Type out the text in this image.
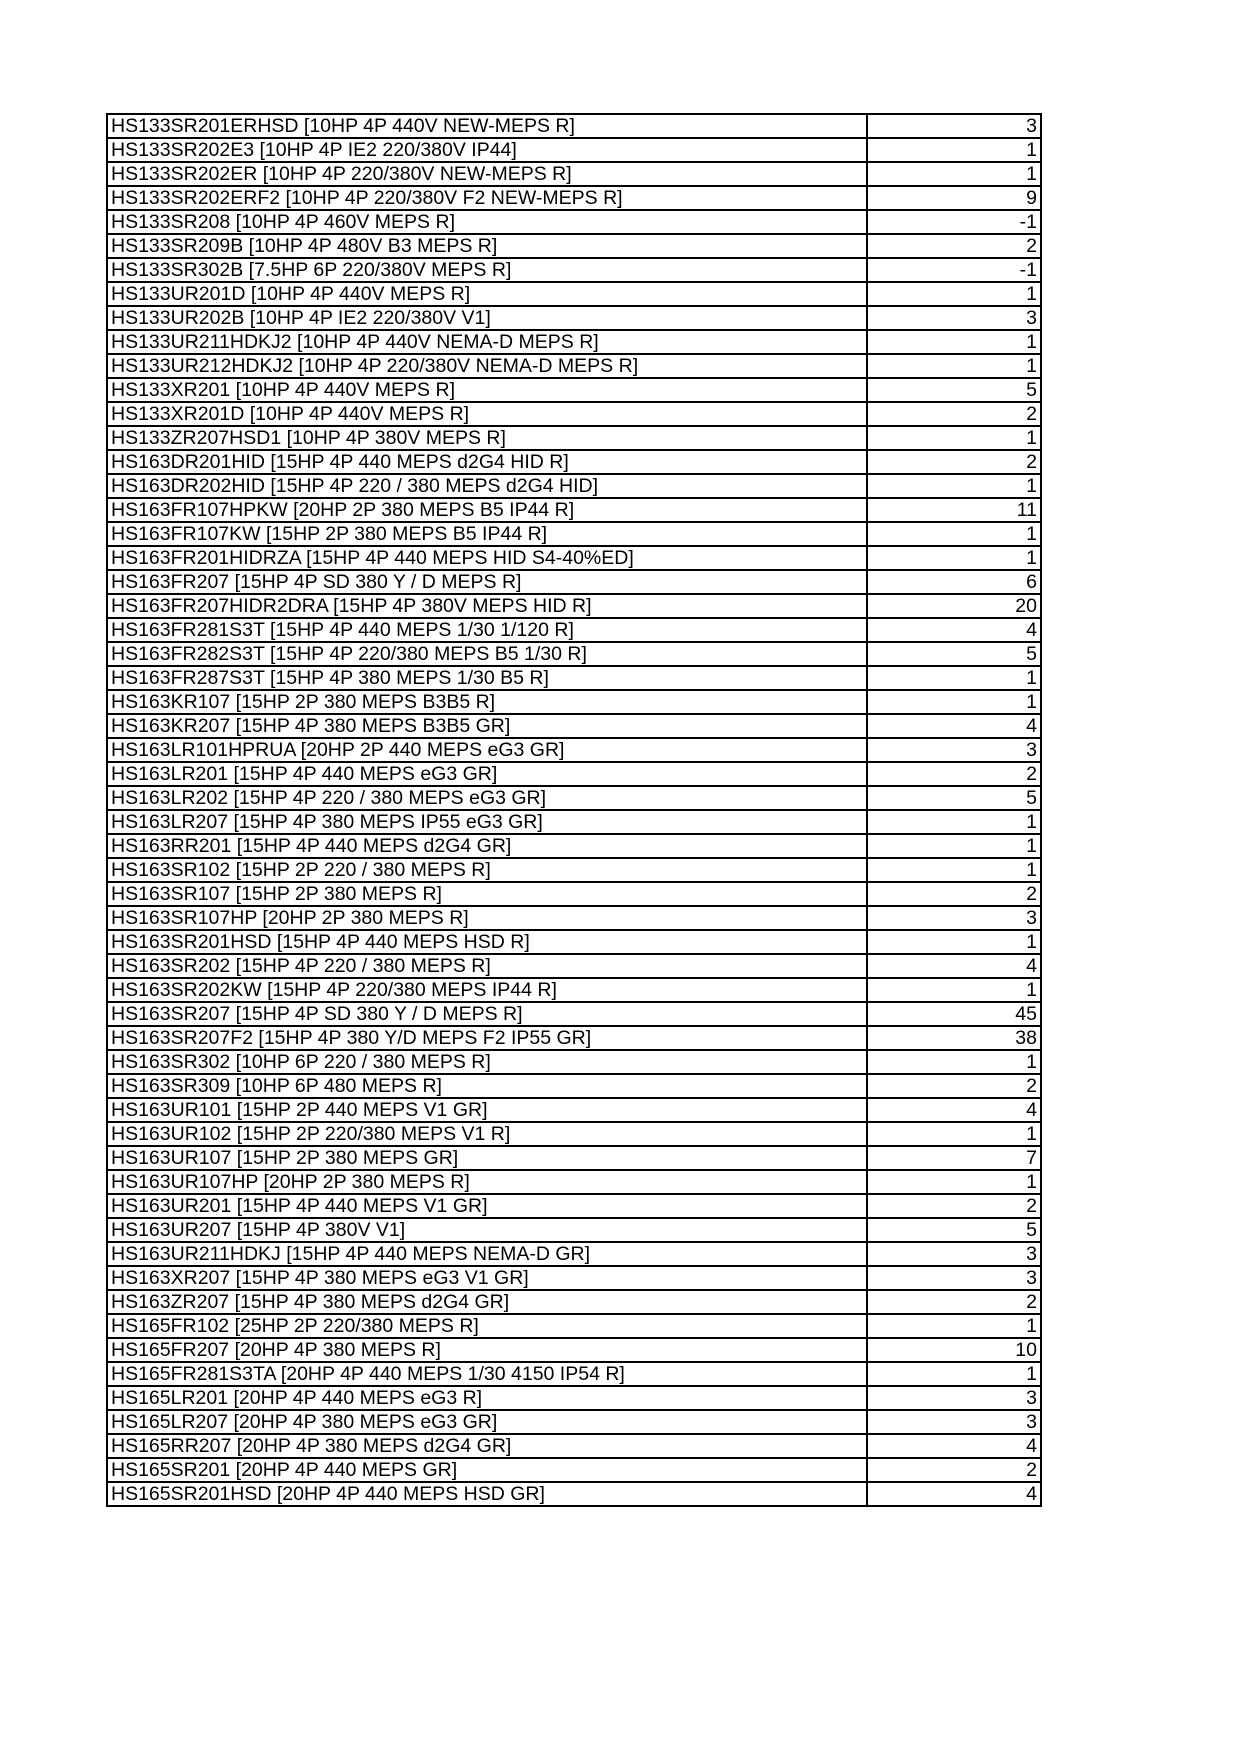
HS133SR201ERHSD [10HP 4P 440V NEW-MEPS R]	3
HS133SR202E3 [10HP 4P IE2 220/380V IP44]	1
HS133SR202ER [10HP 4P 220/380V NEW-MEPS R]	1
HS133SR202ERF2 [10HP 4P 220/380V F2 NEW-MEPS R]	9
HS133SR208 [10HP 4P 460V MEPS R]	-1
HS133SR209B [10HP 4P 480V B3 MEPS R]	2
HS133SR302B [7.5HP 6P 220/380V MEPS R]	-1
HS133UR201D [10HP 4P 440V MEPS R]	1
HS133UR202B [10HP 4P IE2 220/380V V1]	3
HS133UR211HDKJ2 [10HP 4P 440V NEMA-D MEPS R]	1
HS133UR212HDKJ2 [10HP 4P 220/380V NEMA-D MEPS R]	1
HS133XR201 [10HP 4P 440V MEPS R]	5
HS133XR201D [10HP 4P 440V MEPS R]	2
HS133ZR207HSD1 [10HP 4P 380V MEPS R]	1
HS163DR201HID [15HP 4P 440 MEPS d2G4 HID R]	2
HS163DR202HID [15HP 4P 220 / 380 MEPS d2G4 HID]	1
HS163FR107HPKW [20HP 2P 380 MEPS B5 IP44 R]	11
HS163FR107KW [15HP 2P 380 MEPS B5 IP44 R]	1
HS163FR201HIDRZA [15HP 4P 440 MEPS HID S4-40%ED]	1
HS163FR207 [15HP 4P SD 380 Y / D MEPS R]	6
HS163FR207HIDR2DRA [15HP 4P 380V MEPS HID R]	20
HS163FR281S3T [15HP 4P 440 MEPS 1/30 1/120 R]	4
HS163FR282S3T [15HP 4P 220/380 MEPS B5 1/30 R]	5
HS163FR287S3T [15HP 4P 380 MEPS 1/30 B5 R]	1
HS163KR107 [15HP 2P 380 MEPS B3B5 R]	1
HS163KR207 [15HP 4P 380 MEPS B3B5 GR]	4
HS163LR101HPRUA [20HP 2P 440 MEPS eG3 GR]	3
HS163LR201 [15HP 4P 440 MEPS eG3 GR]	2
HS163LR202 [15HP 4P 220 / 380 MEPS eG3 GR]	5
HS163LR207 [15HP 4P 380 MEPS IP55 eG3 GR]	1
HS163RR201 [15HP 4P 440 MEPS d2G4 GR]	1
HS163SR102 [15HP 2P 220 / 380 MEPS R]	1
HS163SR107 [15HP 2P 380 MEPS R]	2
HS163SR107HP [20HP 2P 380 MEPS R]	3
HS163SR201HSD [15HP 4P 440 MEPS HSD R]	1
HS163SR202 [15HP 4P 220 / 380 MEPS R]	4
HS163SR202KW [15HP 4P 220/380 MEPS IP44 R]	1
HS163SR207 [15HP 4P SD 380 Y / D MEPS R]	45
HS163SR207F2 [15HP 4P 380 Y/D MEPS F2 IP55 GR]	38
HS163SR302 [10HP 6P 220 / 380 MEPS R]	1
HS163SR309 [10HP 6P 480 MEPS R]	2
HS163UR101 [15HP 2P 440 MEPS V1 GR]	4
HS163UR102 [15HP 2P 220/380 MEPS V1 R]	1
HS163UR107 [15HP 2P 380 MEPS GR]	7
HS163UR107HP [20HP 2P 380 MEPS R]	1
HS163UR201 [15HP 4P 440 MEPS V1 GR]	2
HS163UR207 [15HP 4P 380V V1]	5
HS163UR211HDKJ [15HP 4P 440 MEPS NEMA-D GR]	3
HS163XR207 [15HP 4P 380 MEPS eG3 V1 GR]	3
HS163ZR207 [15HP 4P 380 MEPS d2G4 GR]	2
HS165FR102 [25HP 2P 220/380 MEPS R]	1
HS165FR207 [20HP 4P 380 MEPS R]	10
HS165FR281S3TA [20HP 4P 440 MEPS 1/30 4150 IP54 R]	1
HS165LR201 [20HP 4P 440 MEPS eG3 R]	3
HS165LR207 [20HP 4P 380 MEPS eG3 GR]	3
HS165RR207 [20HP 4P 380 MEPS d2G4 GR]	4
HS165SR201 [20HP 4P 440 MEPS GR]	2
HS165SR201HSD [20HP 4P 440 MEPS HSD GR]	4
